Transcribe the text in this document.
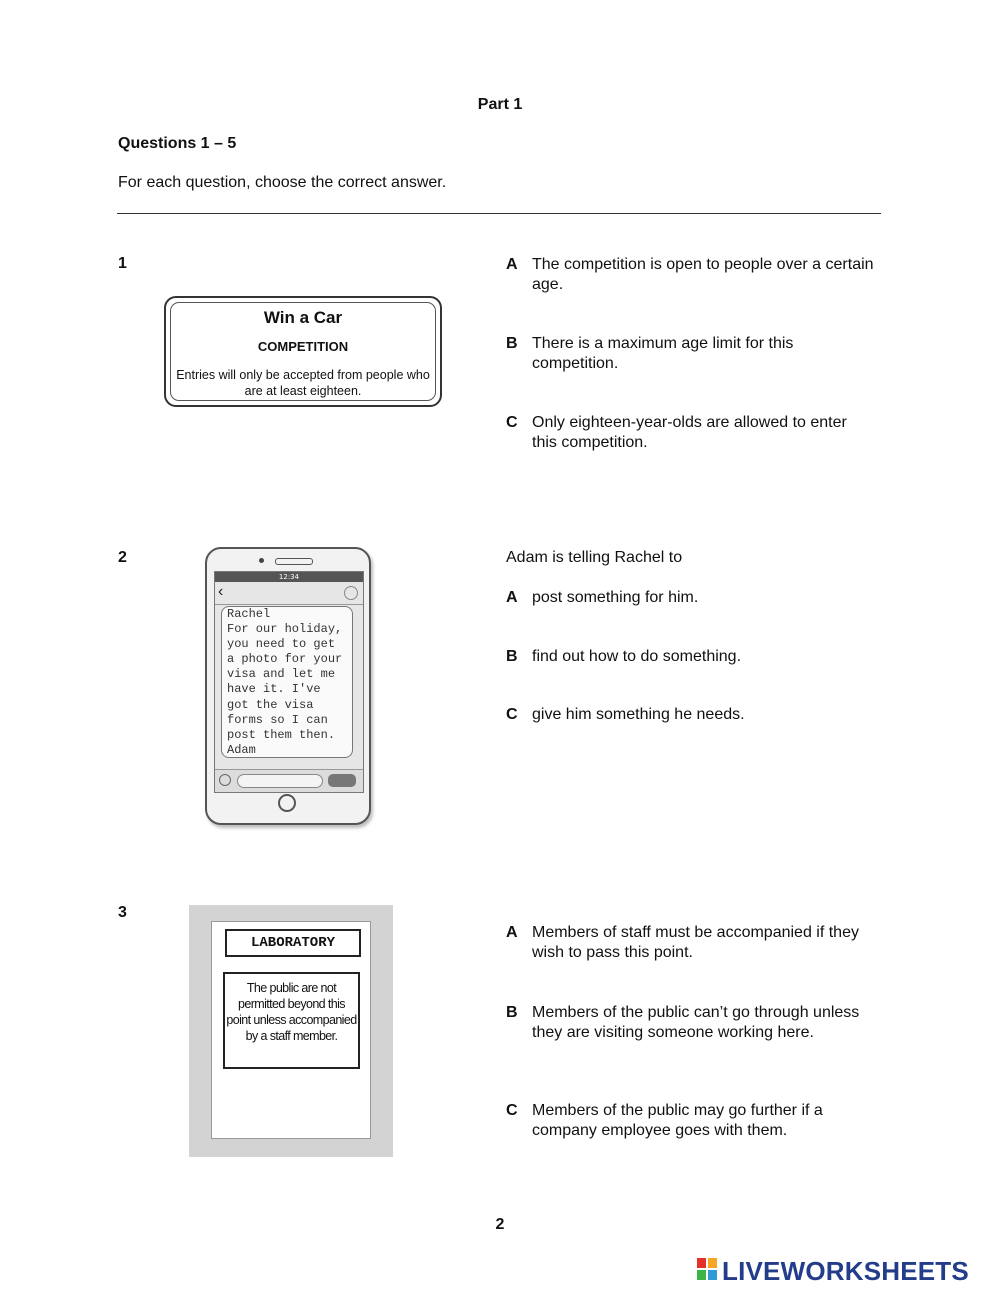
Part 1
Questions 1 – 5
For each question, choose the correct answer.
1
Win a Car
COMPETITION
Entries will only be accepted from people who are at least eighteen.
A The competition is open to people over a certain age.
B There is a maximum age limit for this competition.
C Only eighteen-year-olds are allowed to enter this competition.
2
12:34
‹
Rachel
For our holiday,
you need to get
a photo for your
visa and let me
have it. I've
got the visa
forms so I can
post them then.
Adam
Adam is telling Rachel to
A post something for him.
B find out how to do something.
C give him something he needs.
3
LABORATORY
The public are not permitted beyond this point unless accompanied by a staff member.
A Members of staff must be accompanied if they wish to pass this point.
B Members of the public can’t go through unless they are visiting someone working here.
C Members of the public may go further if a company employee goes with them.
2
LIVEWORKSHEETS
